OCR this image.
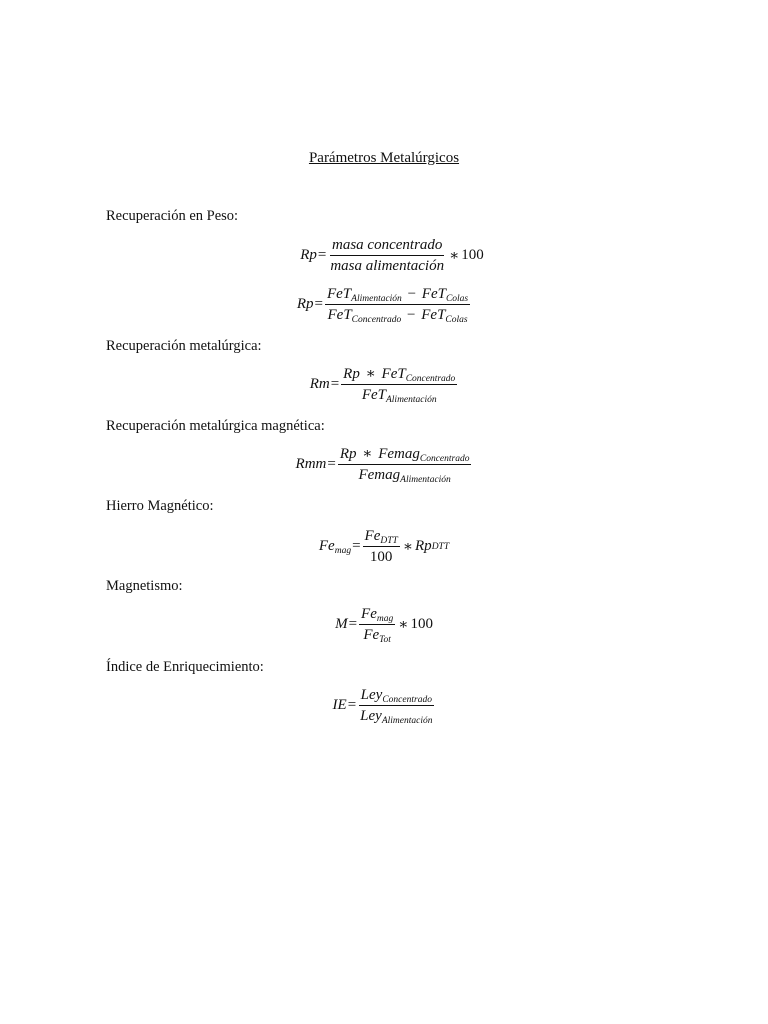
Parámetros Metalúrgicos
Recuperación en Peso:
$Rp = \frac{\text{masa concentrado}}{\text{masa alimentación}}$ ∗ 100
$Rp = \frac{FeT_{Alimentación} - FeT_{Colas}}{FeT_{Concentrado} - FeT_{Colas}}$
Recuperación metalúrgica:
$Rm = \frac{Rp ∗ FeT_{Concentrado}}{FeT_{Alimentación}}$
Recuperación metalúrgica magnética:
Rmm = $\frac{Rp ∗ Femag_{Concentrado}}{Femag_{Alimentación}}$
Hierro Magnético:
$Fe_{mag} = \frac{Fe_{DTT}}{100}$ ∗ Rp DTT
Magnetismo:
$M = \frac{Fe_{mag}}{Fe_{Tot}}$ ∗ 100
Índice de Enriquecimiento:
IE = $\frac{Ley_{Concentrado}}{Ley_{Alimentación}}$
